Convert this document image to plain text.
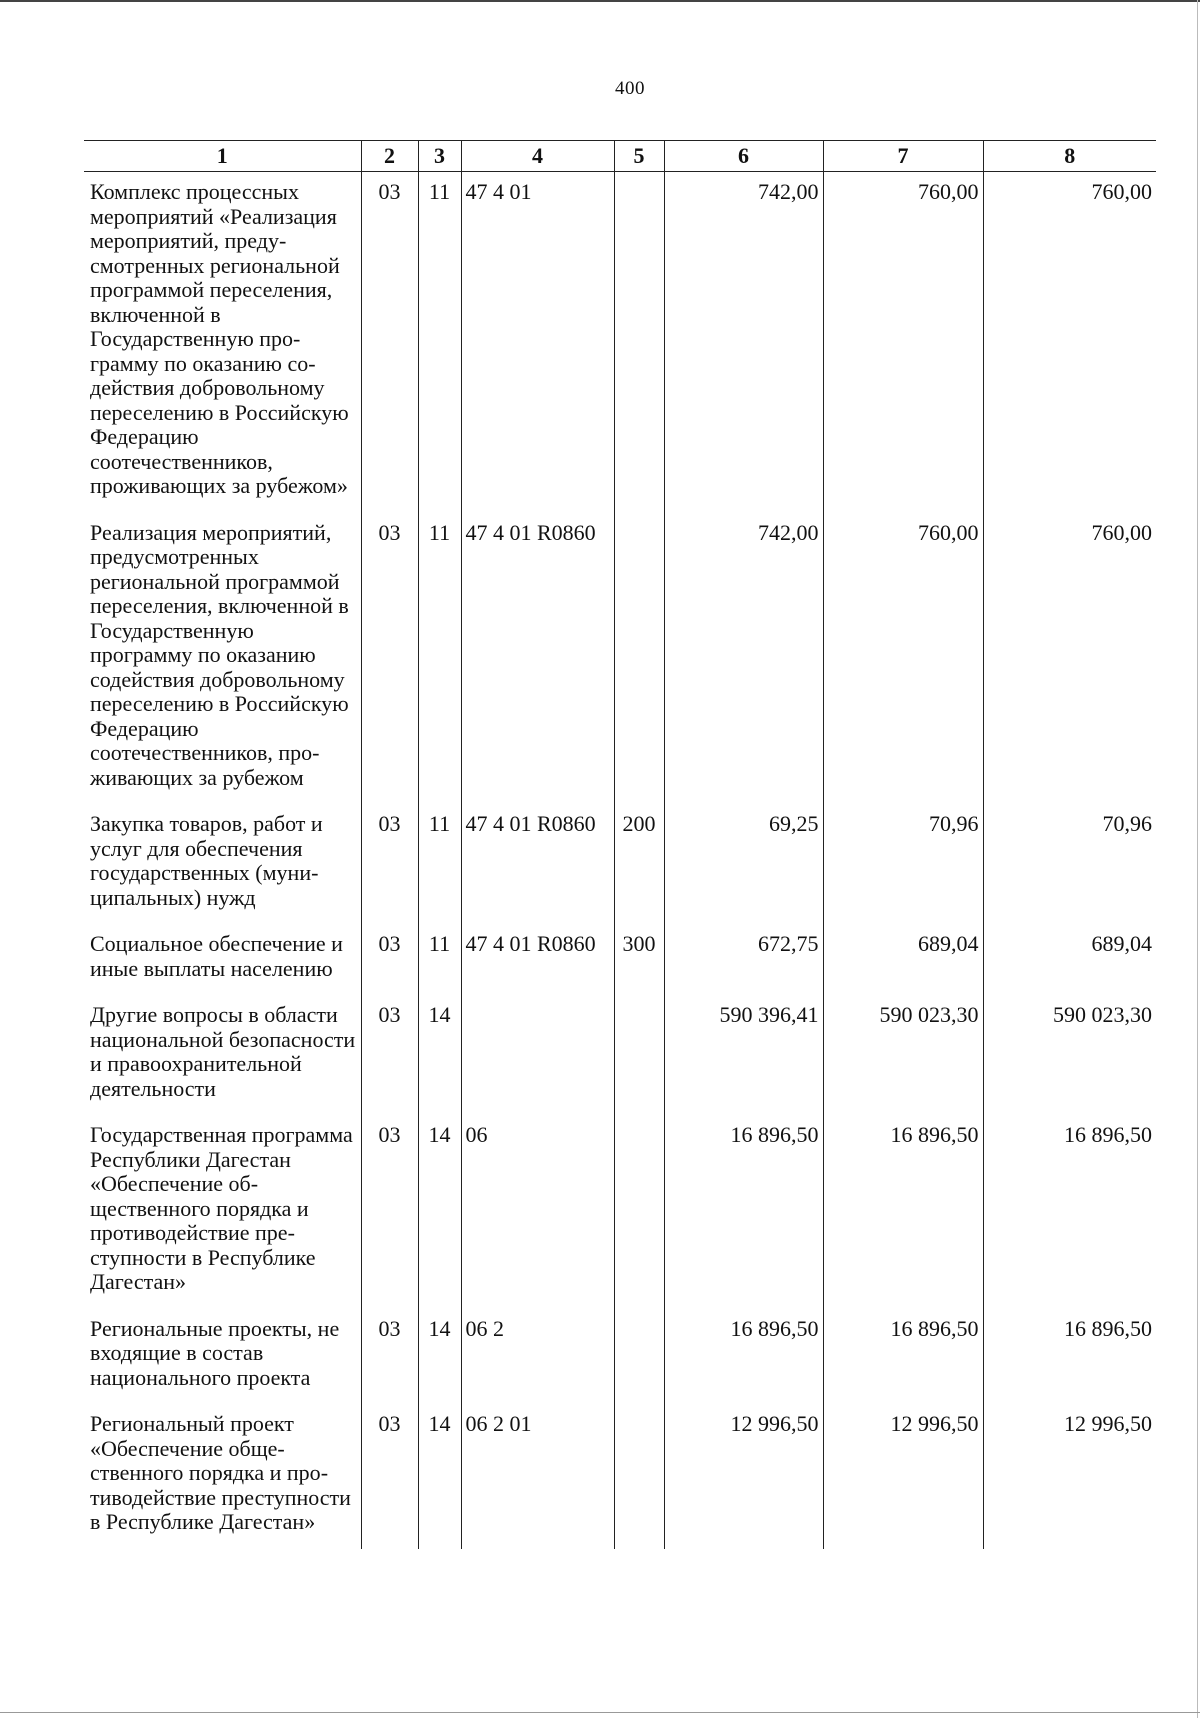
400
1	2	3	4	5	6	7	8
Комплекс процессных мероприятий «Реализация мероприятий, предусмотренных региональной программой переселения, включенной в Государственную программу по оказанию содействия добровольному переселению в Российскую Федерацию соотечественников, проживающих за рубежом»	03	11	47 4 01		742,00	760,00	760,00
Реализация мероприятий, предусмотренных региональной программой переселения, включенной в Государственную программу по оказанию содействия добровольному переселению в Российскую Федерацию соотечественников, проживающих за рубежом	03	11	47 4 01 R0860		742,00	760,00	760,00
Закупка товаров, работ и услуг для обеспечения государственных (муниципальных) нужд	03	11	47 4 01 R0860	200	69,25	70,96	70,96
Социальное обеспечение и иные выплаты населению	03	11	47 4 01 R0860	300	672,75	689,04	689,04
Другие вопросы в области национальной безопасности и правоохранительной деятельности	03	14			590 396,41	590 023,30	590 023,30
Государственная программа Республики Дагестан «Обеспечение общественного порядка и противодействие преступности в Республике Дагестан»	03	14	06		16 896,50	16 896,50	16 896,50
Региональные проекты, не входящие в состав национального проекта	03	14	06 2		16 896,50	16 896,50	16 896,50
Региональный проект «Обеспечение общественного порядка и противодействие преступности в Республике Дагестан»	03	14	06 2 01		12 996,50	12 996,50	12 996,50
